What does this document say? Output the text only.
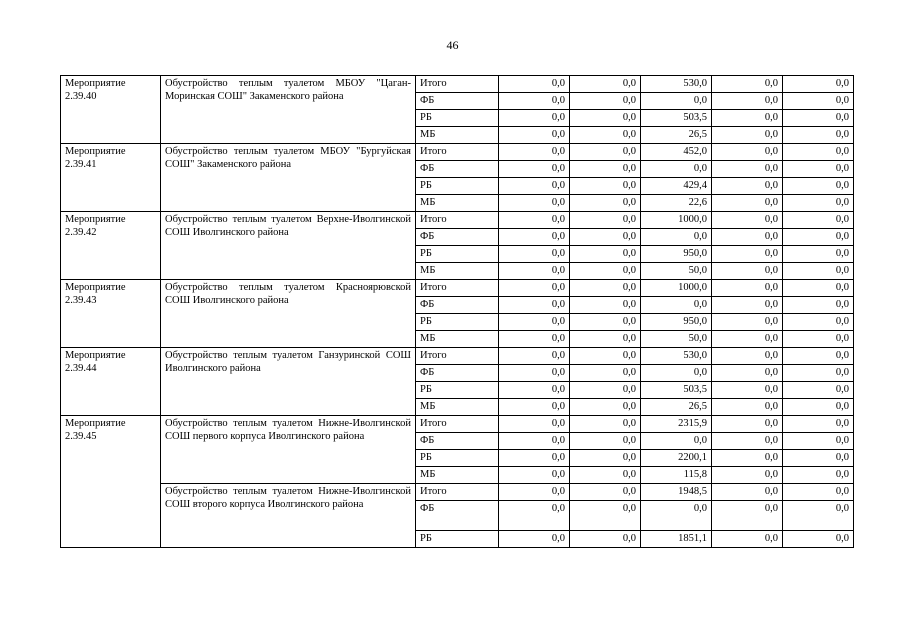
46
Мероприятие 2.39.40	Обустройство теплым туалетом МБОУ "Цаган-Моринская СОШ" Закаменского района	Итого	0,0	0,0	530,0	0,0	0,0
		ФБ	0,0	0,0	0,0	0,0	0,0
		РБ	0,0	0,0	503,5	0,0	0,0
		МБ	0,0	0,0	26,5	0,0	0,0
Мероприятие 2.39.41	Обустройство теплым туалетом МБОУ "Бургуйская СОШ" Закаменского района	Итого	0,0	0,0	452,0	0,0	0,0
		ФБ	0,0	0,0	0,0	0,0	0,0
		РБ	0,0	0,0	429,4	0,0	0,0
		МБ	0,0	0,0	22,6	0,0	0,0
Мероприятие 2.39.42	Обустройство теплым туалетом Верхне-Иволгинской СОШ Иволгинского района	Итого	0,0	0,0	1000,0	0,0	0,0
		ФБ	0,0	0,0	0,0	0,0	0,0
		РБ	0,0	0,0	950,0	0,0	0,0
		МБ	0,0	0,0	50,0	0,0	0,0
Мероприятие 2.39.43	Обустройство теплым туалетом Красноярювской СОШ Иволгинского района	Итого	0,0	0,0	1000,0	0,0	0,0
		ФБ	0,0	0,0	0,0	0,0	0,0
		РБ	0,0	0,0	950,0	0,0	0,0
		МБ	0,0	0,0	50,0	0,0	0,0
Мероприятие 2.39.44	Обустройство теплым туалетом Ганзуринской СОШ Иволгинского района	Итого	0,0	0,0	530,0	0,0	0,0
		ФБ	0,0	0,0	0,0	0,0	0,0
		РБ	0,0	0,0	503,5	0,0	0,0
		МБ	0,0	0,0	26,5	0,0	0,0
Мероприятие 2.39.45	Обустройство теплым туалетом Нижне-Иволгинской СОШ первого корпуса Иволгинского района	Итого	0,0	0,0	2315,9	0,0	0,0
		ФБ	0,0	0,0	0,0	0,0	0,0
		РБ	0,0	0,0	2200,1	0,0	0,0
		МБ	0,0	0,0	115,8	0,0	0,0
	Обустройство теплым туалетом Нижне-Иволгинской СОШ второго корпуса Иволгинского района	Итого	0,0	0,0	1948,5	0,0	0,0
		ФБ	0,0	0,0	0,0	0,0	0,0
		РБ	0,0	0,0	1851,1	0,0	0,0
